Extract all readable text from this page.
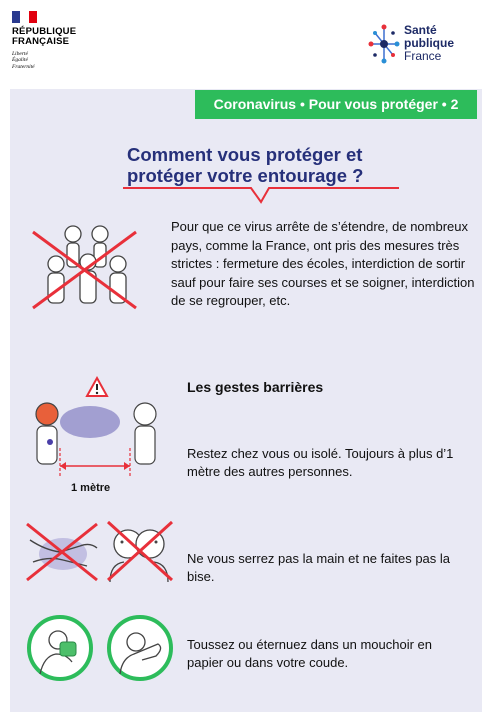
RÉPUBLIQUE
FRANÇAISE
Liberté
Égalité
Fraternité
Santé
publique
France
Coronavirus • Pour vous protéger • 2
Comment vous protéger et protéger votre entourage ?
Pour que ce virus arrête de s’étendre, de nombreux pays, comme la France, ont pris des mesures très strictes : fermeture des écoles, interdiction de sortir sauf pour faire ses courses et se soigner, interdiction de se regrouper, etc.
Les gestes barrières
1 mètre
Restez chez vous ou isolé. Toujours à plus d’1 mètre des autres personnes.
Ne vous serrez pas la main et ne faites pas la bise.
Toussez ou éternuez dans un mouchoir en papier ou dans votre coude.
